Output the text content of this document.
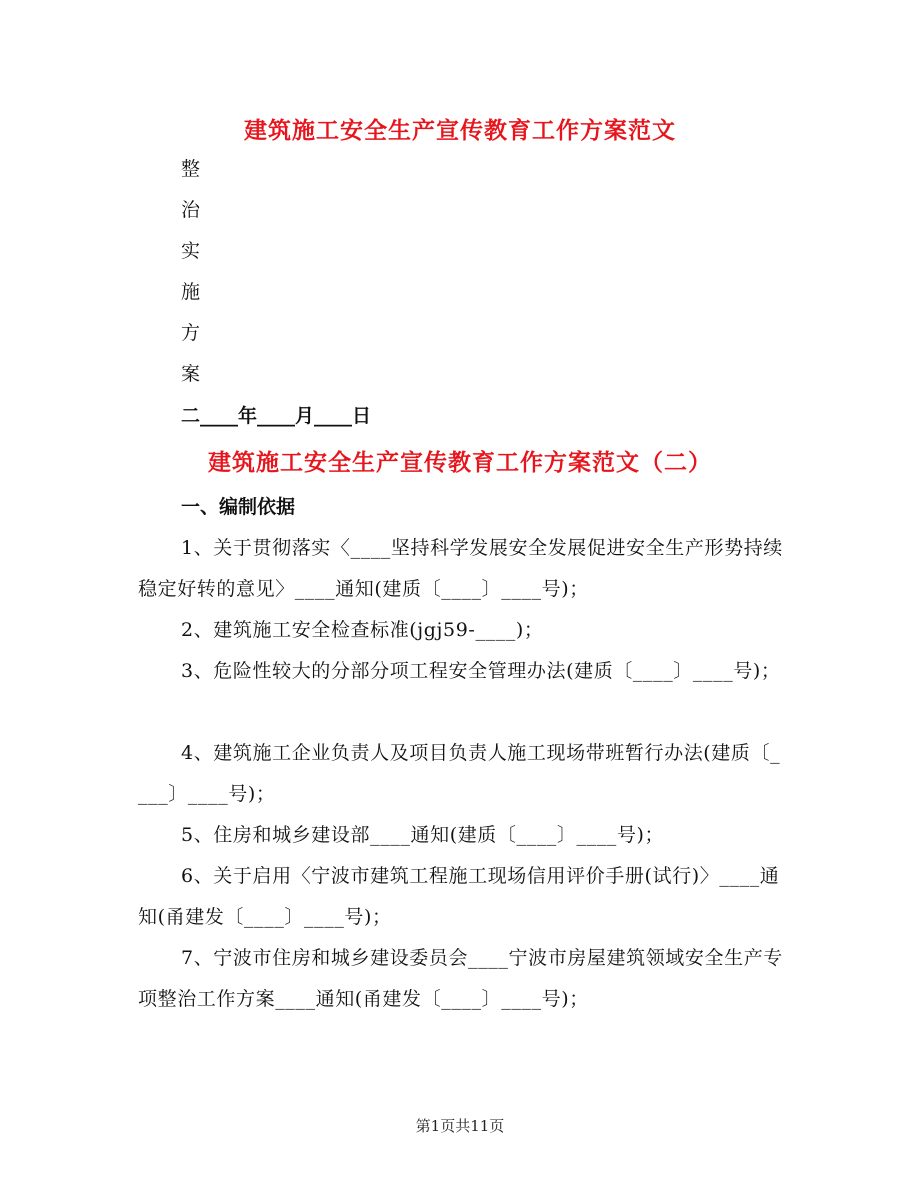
建筑施工安全生产宣传教育工作方案范文
整
治
实
施
方
案
二____年____月____日
建筑施工安全生产宣传教育工作方案范文（二）
一、编制依据
1、关于贯彻落实〈____坚持科学发展安全发展促进安全生产形势持续稳定好转的意见〉____通知(建质〔____〕____号)；
2、建筑施工安全检查标准(jgj59-____)；
3、危险性较大的分部分项工程安全管理办法(建质〔____〕____号)；
4、建筑施工企业负责人及项目负责人施工现场带班暂行办法(建质〔____〕____号)；
5、住房和城乡建设部____通知(建质〔____〕____号)；
6、关于启用〈宁波市建筑工程施工现场信用评价手册(试行)〉____通知(甬建发〔____〕____号)；
7、宁波市住房和城乡建设委员会____宁波市房屋建筑领域安全生产专项整治工作方案____通知(甬建发〔____〕____号)；
第1页共11页
